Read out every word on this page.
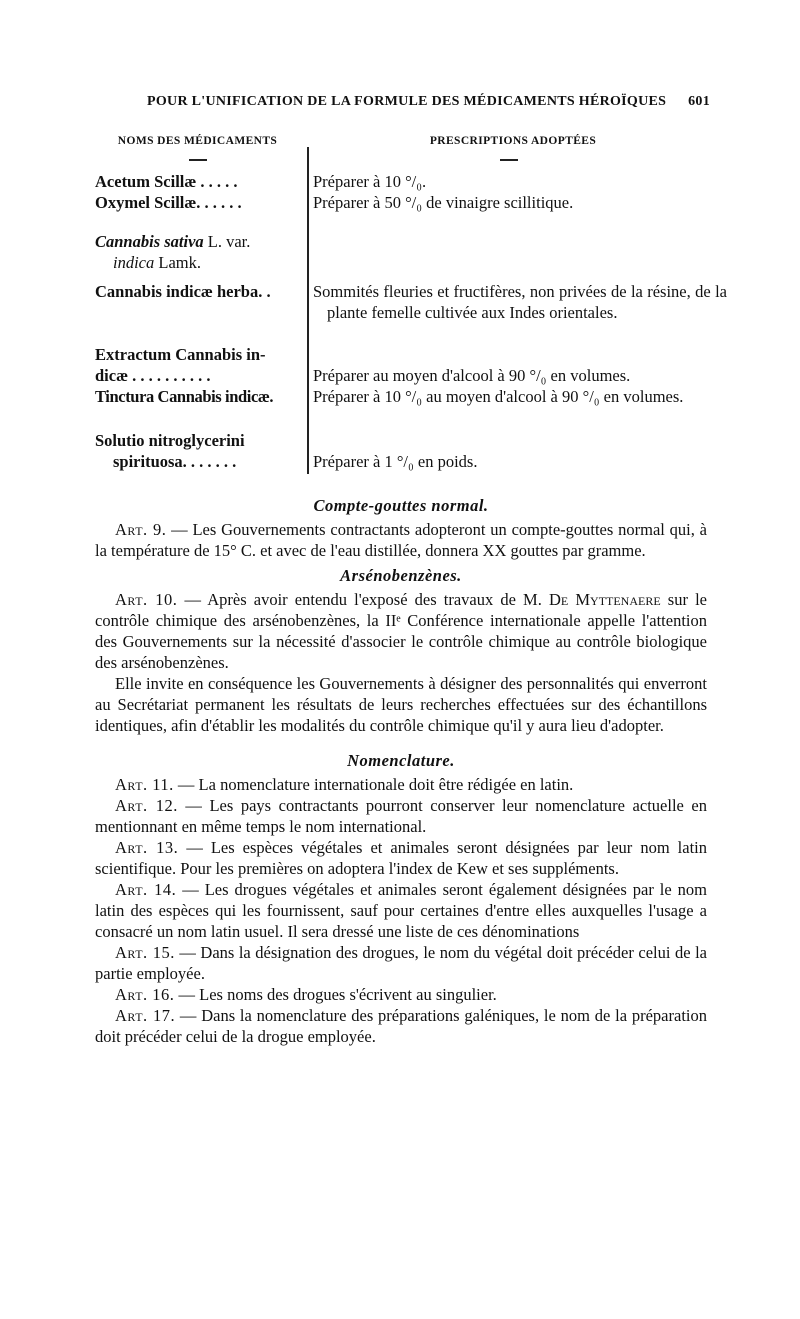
POUR L'UNIFICATION DE LA FORMULE DES MÉDICAMENTS HÉROÏQUES 601
NOMS DES MÉDICAMENTS	PRESCRIPTIONS ADOPTÉES
Acetum Scillæ . . . . .	Préparer à 10 °/₀.
Oxymel Scillæ. . . . . .	Préparer à 50 °/₀ de vinaigre scillitique.
Cannabis sativa L. var.
indica Lamk.
Cannabis indicæ herba. .	Sommités fleuries et fructifères, non privées de la résine, de la plante femelle cultivée aux Indes orientales.
Extractum Cannabis in-
dicæ . . . . . . . . . .	Préparer au moyen d'alcool à 90 °/₀ en volumes.
Tinctura Cannabis indicæ.	Préparer à 10 °/₀ au moyen d'alcool à 90 °/₀ en volumes.
Solutio nitroglycerini
spirituosa. . . . . . .	Préparer à 1 °/₀ en poids.

Compte-gouttes normal.

Art. 9. — Les Gouvernements contractants adopteront un compte-gouttes normal qui, à la température de 15° C. et avec de l'eau distillée, donnera XX gouttes par gramme.

Arsénobenzènes.

Art. 10. — Après avoir entendu l'exposé des travaux de M. De Myttenaere sur le contrôle chimique des arsénobenzènes, la IIᵉ Conférence internationale appelle l'attention des Gouvernements sur la nécessité d'associer le contrôle chimique au contrôle biologique des arsénobenzènes.

Elle invite en conséquence les Gouvernements à désigner des personnalités qui enverront au Secrétariat permanent les résultats de leurs recherches effectuées sur des échantillons identiques, afin d'établir les modalités du contrôle chimique qu'il y aura lieu d'adopter.

Nomenclature.

Art. 11. — La nomenclature internationale doit être rédigée en latin.

Art. 12. — Les pays contractants pourront conserver leur nomenclature actuelle en mentionnant en même temps le nom international.

Art. 13. — Les espèces végétales et animales seront désignées par leur nom latin scientifique. Pour les premières on adoptera l'index de Kew et ses suppléments.

Art. 14. — Les drogues végétales et animales seront également désignées par le nom latin des espèces qui les fournissent, sauf pour certaines d'entre elles auxquelles l'usage a consacré un nom latin usuel. Il sera dressé une liste de ces dénominations

Art. 15. — Dans la désignation des drogues, le nom du végétal doit précéder celui de la partie employée.

Art. 16. — Les noms des drogues s'écrivent au singulier.

Art. 17. — Dans la nomenclature des préparations galéniques, le nom de la préparation doit précéder celui de la drogue employée.
